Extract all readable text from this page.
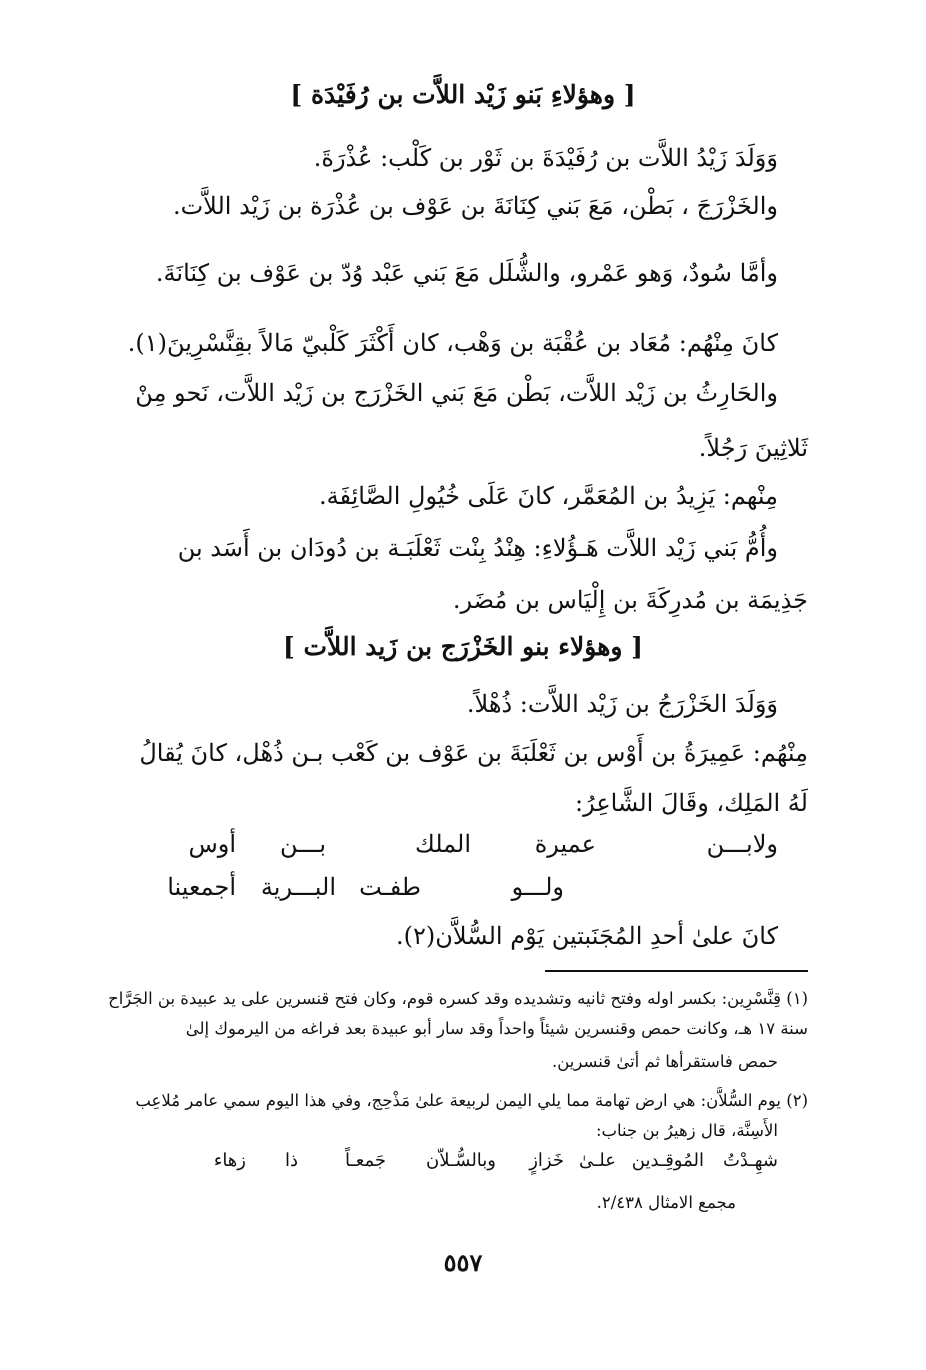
[ وهؤلاءِ بَنو زَيْد اللاَّت بن رُفَيْدَة ]
وَوَلَدَ زَيْدُ اللاَّت بن رُفَيْدَةَ بن ثَوْر بن كَلْب: عُذْرَةَ.
والخَزْرَجَ ، بَطْن، مَعَ بَني كِنَانَةَ بن عَوْف بن عُذْرَة بن زَيْد اللاَّت.
وأمَّا سُودٌ، وَهو عَمْرو، والشُّلَل مَعَ بَني عَبْد وُدّ بن عَوْف بن كِنَانَةَ.
كانَ مِنْهُم: مُعَاد بن عُقْبَة بن وَهْب، كان أَكْثَرَ كَلْبيّ مَالاً بقِنَّسْرِينَ(١).
والحَارِثُ بن زَيْد اللاَّت، بَطْن مَعَ بَني الخَزْرَج بن زَيْد اللاَّت، نَحو مِنْ
ثَلاثِينَ رَجُلاً.
مِنْهم: يَزِيدُ بن المُعَمَّر، كانَ عَلَى خُيُولِ الصَّائِفَة.
وأُمُّ بَني زَيْد اللاَّت هَـؤُلاءِ: هِنْدُ بِنْت ثَعْلَبَـة بن دُودَان بن أَسَد بن
جَذِيمَة بن مُدرِكَةَ بن إِلْيَاس بن مُضَر.
[ وهؤلاء بنو الخَزْرَج بن زَيد اللاَّت ]
وَوَلَدَ الخَزْرَجُ بن زَيْد اللاَّت: ذُهْلاً.
مِنْهُم: عَمِيرَةُ بن أَوْس بن ثَعْلَبَةَ بن عَوْف بن كَعْب بـن ذُهْل، كانَ يُقالُ
لَهُ المَلِك، وقَالَ الشَّاعِرُ:
ولابـــن
عميرة
الملك
بـــن
أوس
ولـــو
طفـت
البـــرية
أجمعينا
كانَ علىٰ أحدِ المُجَنَبتين يَوْم السُّلاَّن(٢).
(١) قِنَّسْرِين: بكسر اوله وفتح ثانيه وتشديده وقد كسره قوم، وكان فتح قنسرين على يد عبيدة بن الجَرَّاح
سنة ١٧ هـ، وكانت حمص وقنسرين شيئاً واحداً وقد سار أبو عبيدة بعد فراغه من اليرموك إلىٰ
حمص فاستقرأها ثم أتىٰ قنسرين.
(٢) يوم السُّلاَّن: هي ارض تهامة مما يلي اليمن لربيعة علىٰ مَذْحِج، وفي هذا اليوم سمي عامر مُلاعِب
الأَسِنَّة، قال زهيرُ بن جناب:
شهِـدْتُ
المُوقِـدين
علـىٰ
خَزازٍ
وبالسُّـلاّن
جَمعـاً
ذا
زهاء
مجمع الامثال ٢/٤٣٨.
٥٥٧
